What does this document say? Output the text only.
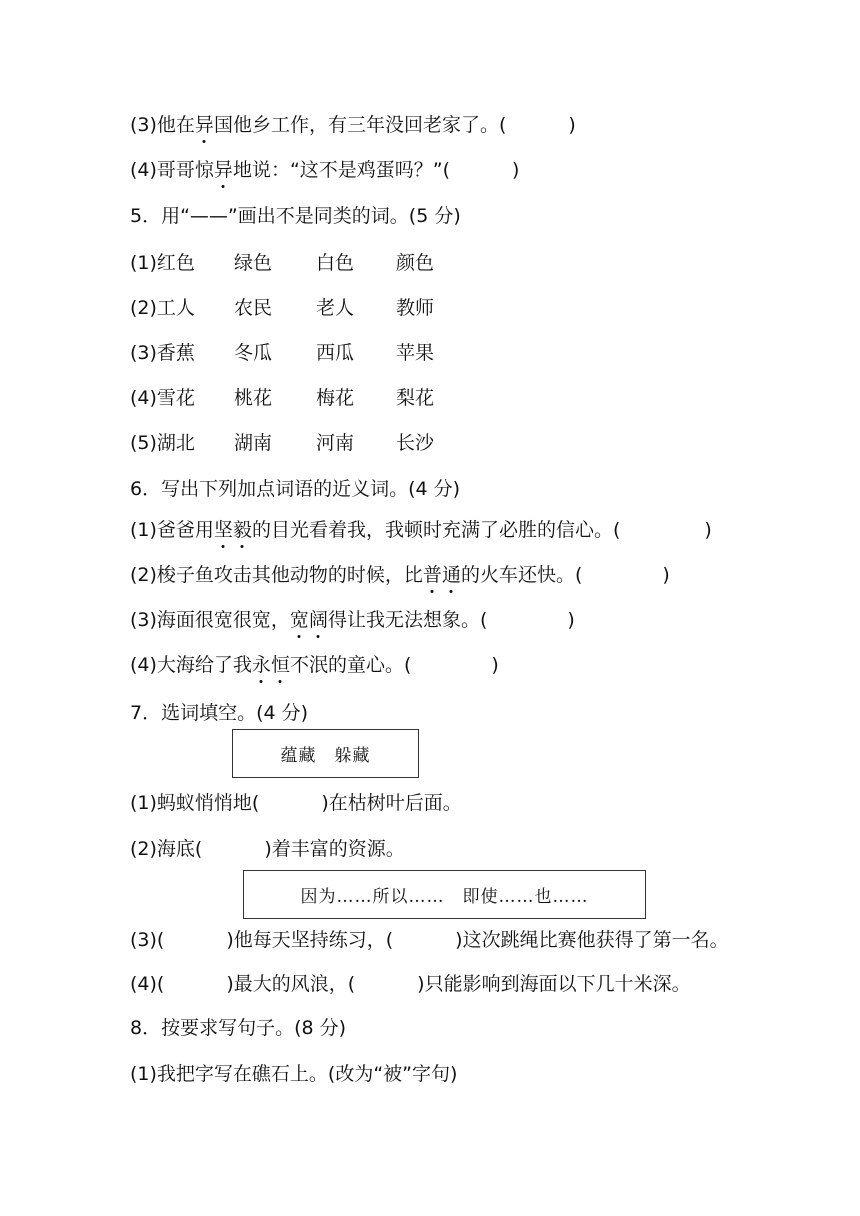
(3)他在异国他乡工作，有三年没回老家了。(	)
(4)哥哥惊异地说：“这不是鸡蛋吗？”(	)
5．用“——”画出不是同类的词。(5 分)
(1)红色	绿色	白色	颜色
(2)工人	农民	老人	教师
(3)香蕉	冬瓜	西瓜	苹果
(4)雪花	桃花	梅花	梨花
(5)湖北	湖南	河南	长沙
6．写出下列加点词语的近义词。(4 分)
(1)爸爸用坚毅的目光看着我，我顿时充满了必胜的信心。(	)
(2)梭子鱼攻击其他动物的时候，比普通的火车还快。(	)
(3)海面很宽很宽，宽阔得让我无法想象。(	)
(4)大海给了我永恒不泯的童心。(	)
7．选词填空。(4 分)
蕴藏　躲藏
(1)蚂蚁悄悄地(	)在枯树叶后面。
(2)海底(	)着丰富的资源。
因为……所以……　即使……也……
(3)(	)他每天坚持练习，(	)这次跳绳比赛他获得了第一名。
(4)(	)最大的风浪，(	)只能影响到海面以下几十米深。
8．按要求写句子。(8 分)
(1)我把字写在礁石上。(改为“被”字句)
